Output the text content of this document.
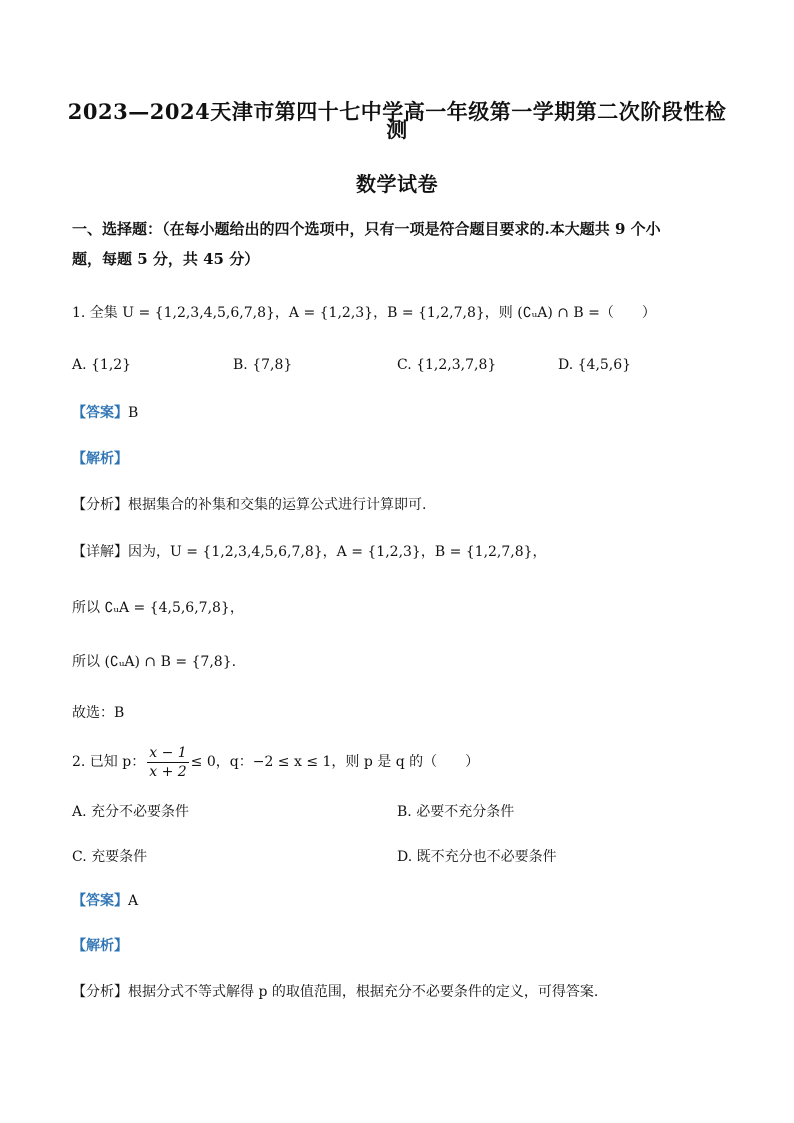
2023—2024天津市第四十七中学高一年级第一学期第二次阶段性检
测
数学试卷
一、选择题：（在每小题给出的四个选项中，只有一项是符合题目要求的.本大题共 9 个小
题，每题 5 分，共 45 分）
1. 全集 U = {1,2,3,4,5,6,7,8}，A = {1,2,3}，B = {1,2,7,8}，则 (∁ᵤA) ∩ B =（　　）
A. {1,2}	B. {7,8}	C. {1,2,3,7,8}	D. {4,5,6}
【答案】B
【解析】
【分析】根据集合的补集和交集的运算公式进行计算即可.
【详解】因为，U = {1,2,3,4,5,6,7,8}，A = {1,2,3}，B = {1,2,7,8}，
所以 ∁ᵤA = {4,5,6,7,8}，
所以 (∁ᵤA) ∩ B = {7,8}.
故选：B
2. 已知 p： $\frac{x - 1}{x + 2} \le 0$，q：−2 ≤ x ≤ 1，则 p 是 q 的（　　）
A. 充分不必要条件	B. 必要不充分条件
C. 充要条件	D. 既不充分也不必要条件
【答案】A
【解析】
【分析】根据分式不等式解得 p 的取值范围，根据充分不必要条件的定义，可得答案.
